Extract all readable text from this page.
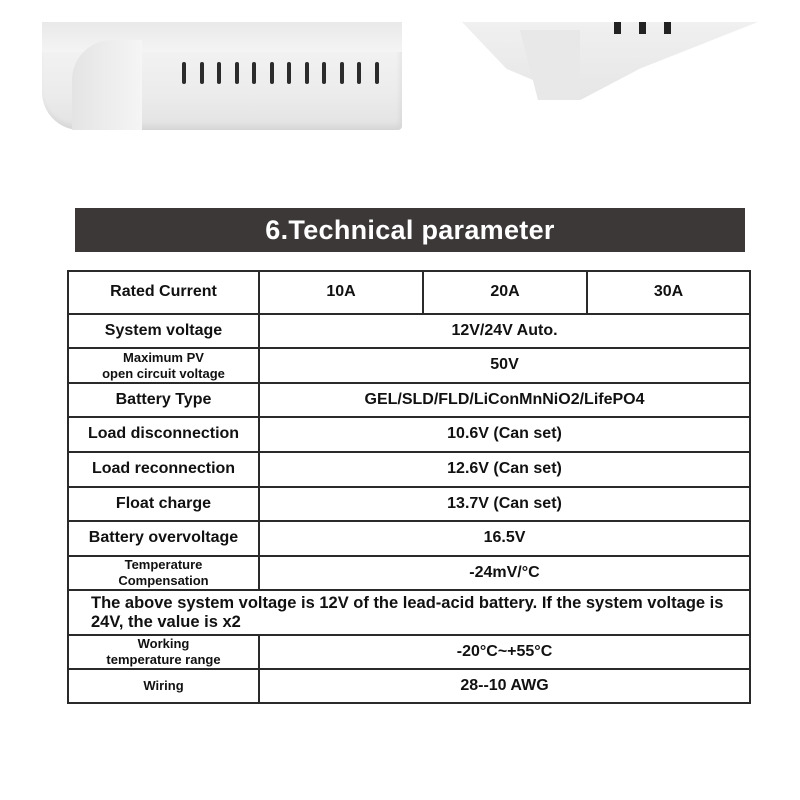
6.Technical parameter
Rated Current	10A	20A	30A
System voltage	12V/24V Auto.		

Maximum PV
open circuit voltage	50V		
Battery Type	GEL/SLD/FLD/LiConMnNiO2/LifePO4		
Load disconnection	10.6V (Can set)		
Load reconnection	12.6V (Can set)		
Float charge	13.7V (Can set)		
Battery overvoltage	16.5V		

Temperature
Compensation	-24mV/°C		
The above system voltage is 12V of the lead-acid battery. If the system voltage is 24V, the value is x2			

Working
temperature range	-20°C~+55°C		
Wiring	28--10 AWG		
